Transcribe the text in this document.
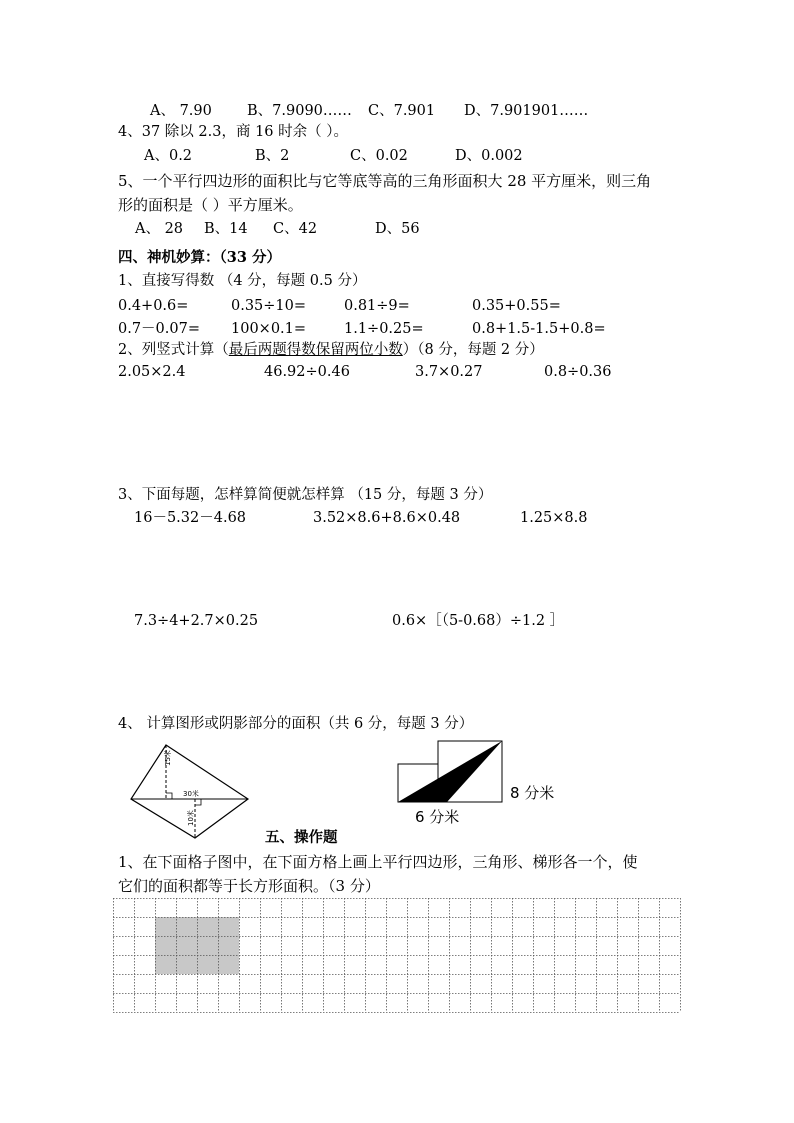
A、 7.90 B、7.9090…… C、7.901 D、7.901901……
4、37 除以 2.3，商 16 时余（ ）。
A、0.2	B、2	C、0.02	D、0.002
5、一个平行四边形的面积比与它等底等高的三角形面积大 28 平方厘米，则三角
形的面积是（ ）平方厘米。
A、 28 B、14 C、42	D、56
四、神机妙算：（33 分）
1、直接写得数 （4 分，每题 0.5 分）
0.4+0.6=	0.35÷10=	0.81÷9=	0.35+0.55=
0.7－0.07= 100×0.1=	1.1÷0.25=	0.8+1.5-1.5+0.8=
2、列竖式计算（最后两题得数保留两位小数）（8 分，每题 2 分）
2.05×2.4	46.92÷0.46	3.7×0.27	0.8÷0.36
3、下面每题，怎样算简便就怎样算 （15 分，每题 3 分）
16－5.32－4.68	3.52×8.6+8.6×0.48	1.25×8.8
7.3÷4+2.7×0.25	0.6×［（5-0.68）÷1.2 ］
4、 计算图形或阴影部分的面积（共 6 分，每题 3 分）
15米
30米
10米
8 分米
6 分米
五、操作题
1、在下面格子图中，在下面方格上画上平行四边形，三角形、梯形各一个，使
它们的面积都等于长方形面积。（3 分）
